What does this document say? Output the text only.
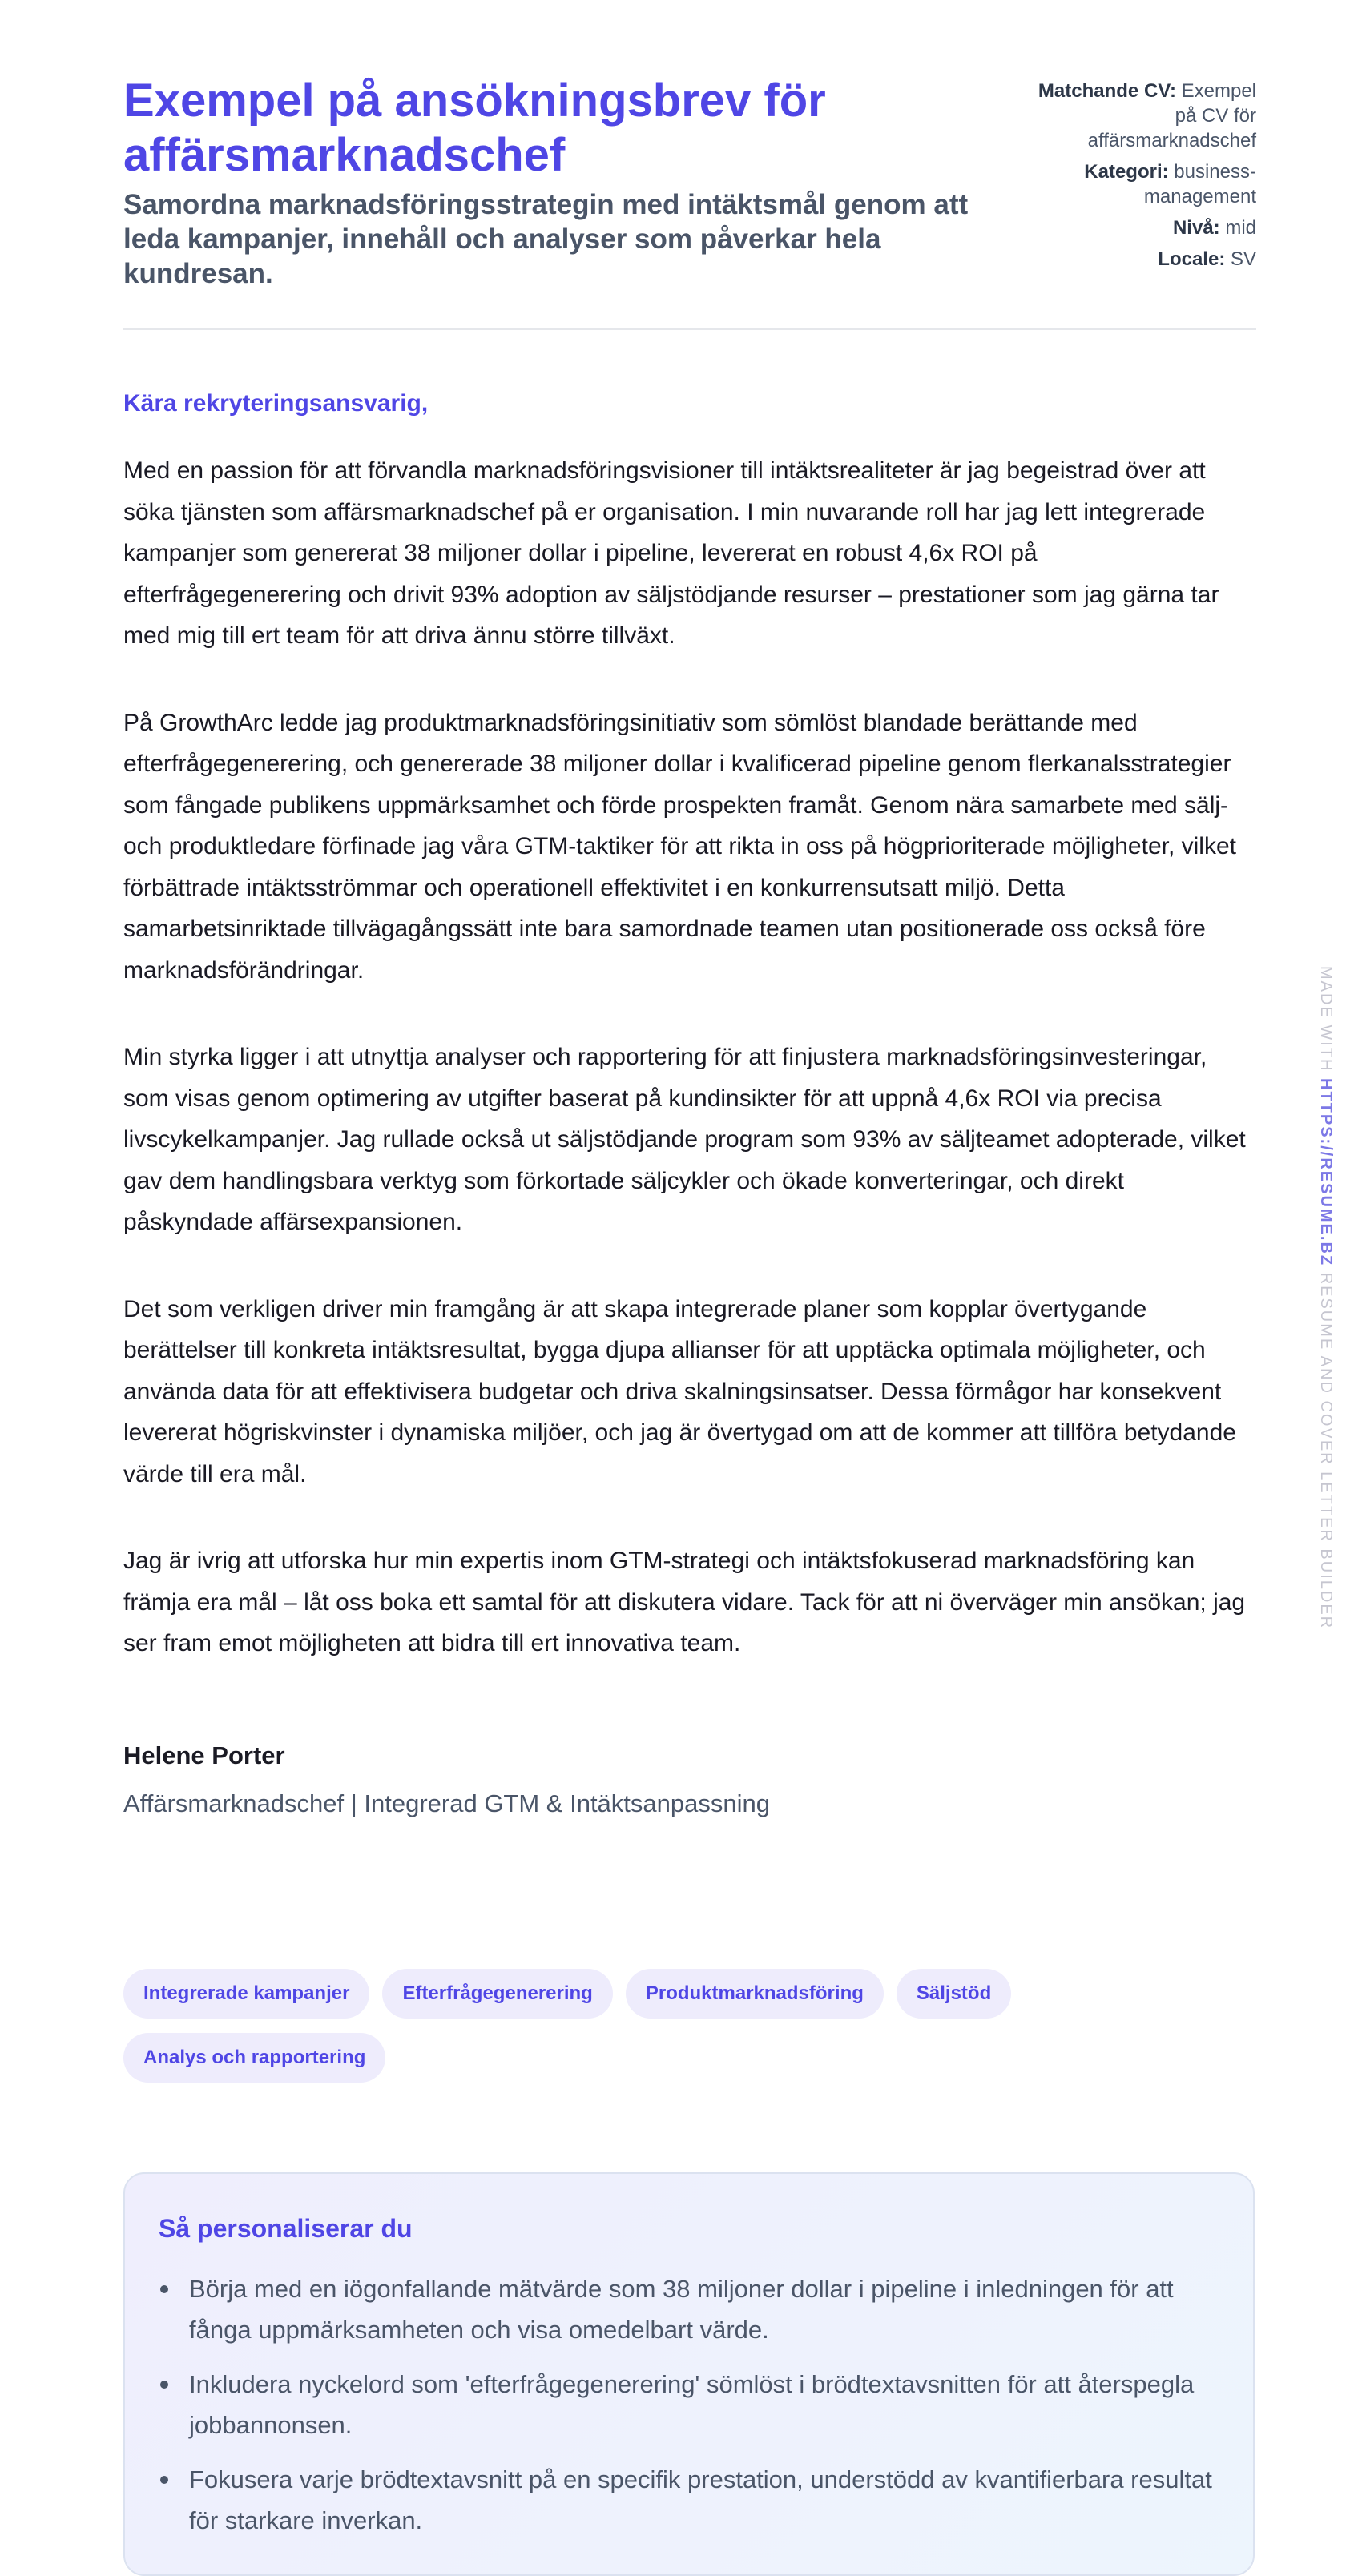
Exempel på ansökningsbrev för affärsmarknadschef
Samordna marknadsföringsstrategin med intäktsmål genom att leda kampanjer, innehåll och analyser som påverkar hela kundresan.
Matchande CV: Exempel på CV för affärsmarknadschef
Kategori: business-management
Nivå: mid
Locale: SV

Kära rekryteringsansvarig,

Med en passion för att förvandla marknadsföringsvisioner till intäktsrealiteter är jag begeistrad över att söka tjänsten som affärsmarknadschef på er organisation. I min nuvarande roll har jag lett integrerade kampanjer som genererat 38 miljoner dollar i pipeline, levererat en robust 4,6x ROI på efterfrågegenerering och drivit 93% adoption av säljstödjande resurser – prestationer som jag gärna tar med mig till ert team för att driva ännu större tillväxt.

På GrowthArc ledde jag produktmarknadsföringsinitiativ som sömlöst blandade berättande med efterfrågegenerering, och genererade 38 miljoner dollar i kvalificerad pipeline genom flerkanalsstrategier som fångade publikens uppmärksamhet och förde prospekten framåt. Genom nära samarbete med sälj- och produktledare förfinade jag våra GTM-taktiker för att rikta in oss på högprioriterade möjligheter, vilket förbättrade intäktsströmmar och operationell effektivitet i en konkurrensutsatt miljö. Detta samarbetsinriktade tillvägagångssätt inte bara samordnade teamen utan positionerade oss också före marknadsförändringar.

Min styrka ligger i att utnyttja analyser och rapportering för att finjustera marknadsföringsinvesteringar, som visas genom optimering av utgifter baserat på kundinsikter för att uppnå 4,6x ROI via precisa livscykelkampanjer. Jag rullade också ut säljstödjande program som 93% av säljteamet adopterade, vilket gav dem handlingsbara verktyg som förkortade säljcykler och ökade konverteringar, och direkt påskyndade affärsexpansionen.

Det som verkligen driver min framgång är att skapa integrerade planer som kopplar övertygande berättelser till konkreta intäktsresultat, bygga djupa allianser för att upptäcka optimala möjligheter, och använda data för att effektivisera budgetar och driva skalningsinsatser. Dessa förmågor har konsekvent levererat högriskvinster i dynamiska miljöer, och jag är övertygad om att de kommer att tillföra betydande värde till era mål.

Jag är ivrig att utforska hur min expertis inom GTM-strategi och intäktsfokuserad marknadsföring kan främja era mål – låt oss boka ett samtal för att diskutera vidare. Tack för att ni överväger min ansökan; jag ser fram emot möjligheten att bidra till ert innovativa team.

Helene Porter
Affärsmarknadschef | Integrerad GTM & Intäktsanpassning
Integrerade kampanjer	Efterfrågegenerering	Produktmarknadsföring	Säljstöd
Analys och rapportering
Så personaliserar du
Börja med en iögonfallande mätvärde som 38 miljoner dollar i pipeline i inledningen för att fånga uppmärksamheten och visa omedelbart värde.
Inkludera nyckelord som 'efterfrågegenerering' sömlöst i brödtextavsnitten för att återspegla jobbannonsen.
Fokusera varje brödtextavsnitt på en specifik prestation, understödd av kvantifierbara resultat för starkare inverkan.
MADE WITH HTTPS://RESUME.BZ RESUME AND COVER LETTER BUILDER
